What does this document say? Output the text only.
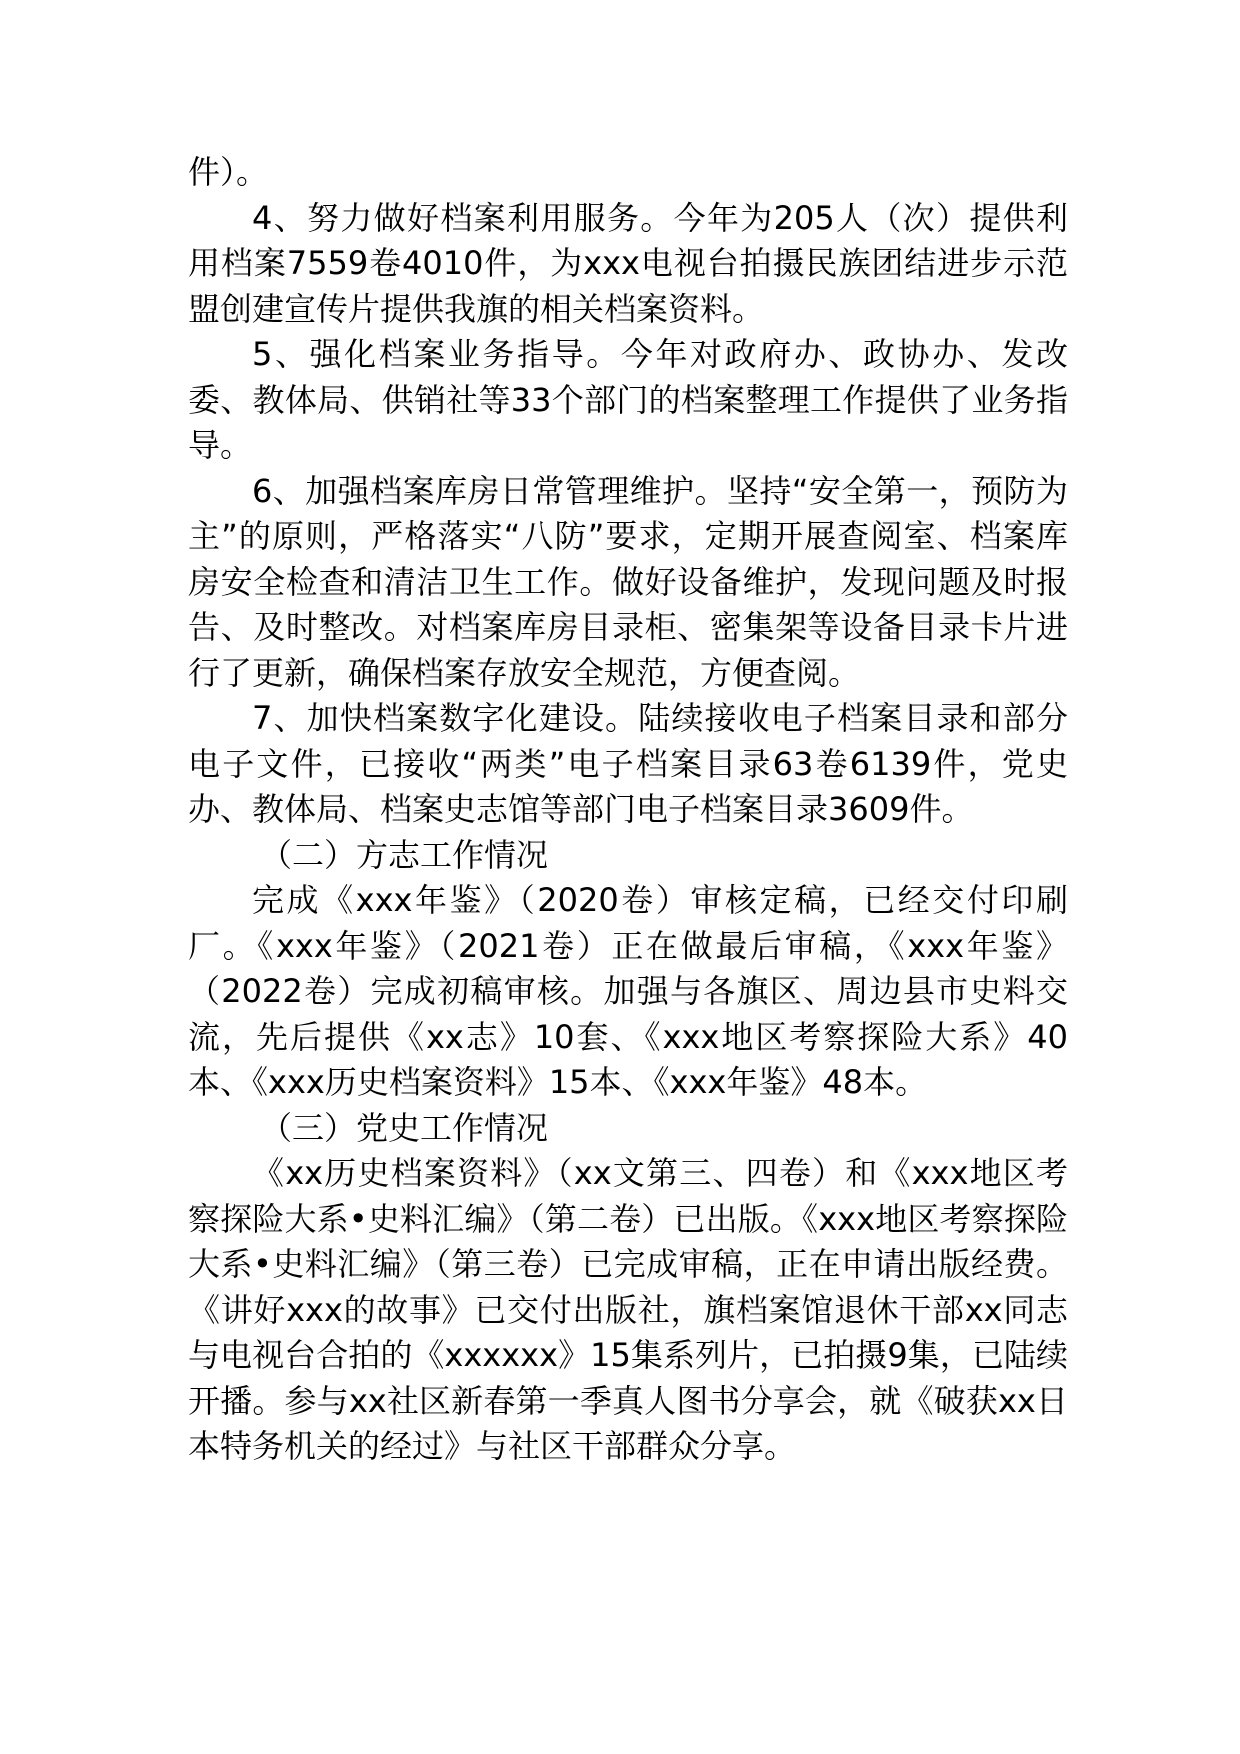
件）。

4、努力做好档案利用服务。今年为205人（次）提供利用档案7559卷4010件，为xxx电视台拍摄民族团结进步示范盟创建宣传片提供我旗的相关档案资料。

5、强化档案业务指导。今年对政府办、政协办、发改委、教体局、供销社等33个部门的档案整理工作提供了业务指导。

6、加强档案库房日常管理维护。坚持“安全第一，预防为主”的原则，严格落实“八防”要求，定期开展查阅室、档案库房安全检查和清洁卫生工作。做好设备维护，发现问题及时报告、及时整改。对档案库房目录柜、密集架等设备目录卡片进行了更新，确保档案存放安全规范，方便查阅。

7、加快档案数字化建设。陆续接收电子档案目录和部分电子文件，已接收“两类”电子档案目录63卷6139件，党史办、教体局、档案史志馆等部门电子档案目录3609件。

（二）方志工作情况

完成《xxx年鉴》（2020卷）审核定稿，已经交付印刷厂。《xxx年鉴》（2021卷）正在做最后审稿，《xxx年鉴》（2022卷）完成初稿审核。加强与各旗区、周边县市史料交流，先后提供《xx志》10套、《xxx地区考察探险大系》40本、《xxx历史档案资料》15本、《xxx年鉴》48本。

（三）党史工作情况

《xx历史档案资料》（xx文第三、四卷）和《xxx地区考察探险大系•史料汇编》（第二卷）已出版。《xxx地区考察探险大系•史料汇编》（第三卷）已完成审稿，正在申请出版经费。《讲好xxx的故事》已交付出版社，旗档案馆退休干部xx同志与电视台合拍的《xxxxxx》15集系列片，已拍摄9集，已陆续开播。参与xx社区新春第一季真人图书分享会，就《破获xx日本特务机关的经过》与社区干部群众分享。
